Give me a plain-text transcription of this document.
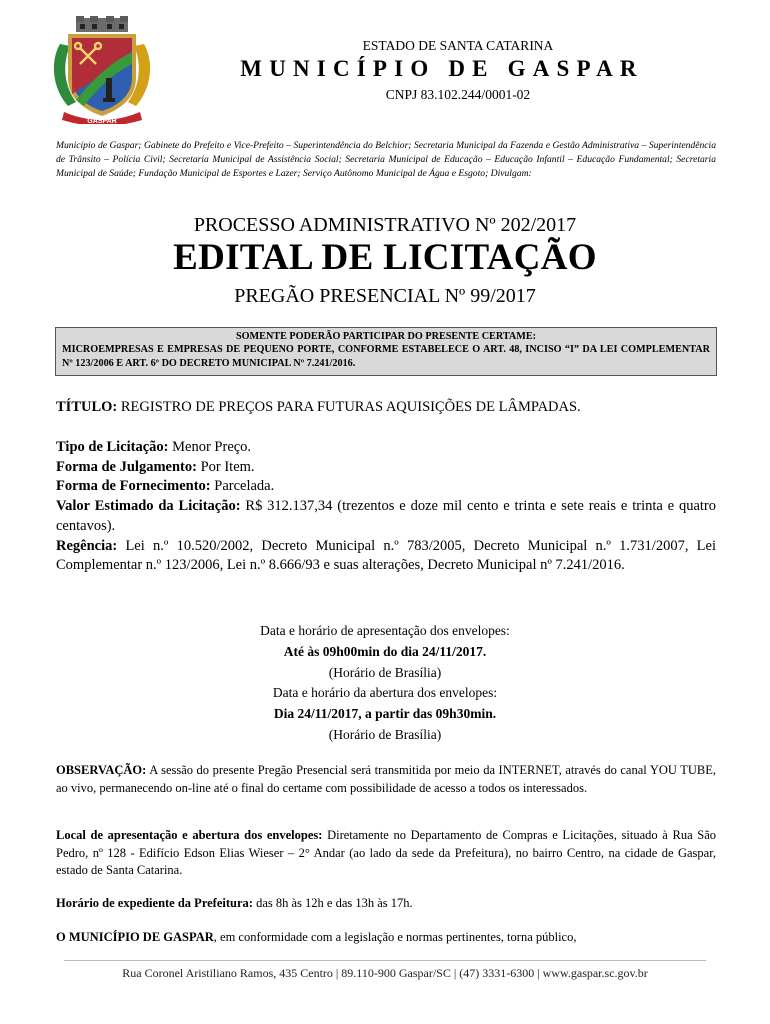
GASPAR
ESTADO DE SANTA CATARINA
MUNICÍPIO DE GASPAR
CNPJ 83.102.244/0001-02
Município de Gaspar; Gabinete do Prefeito e Vice-Prefeito – Superintendência do Belchior; Secretaria Municipal da Fazenda e Gestão Administrativa – Superintendência de Trânsito – Polícia Civil; Secretaria Municipal de Assistência Social; Secretaria Municipal de Educação – Educação Infantil – Educação Fundamental; Secretaria Municipal de Saúde; Fundação Municipal de Esportes e Lazer; Serviço Autônomo Municipal de Água e Esgoto; Divulgam:
PROCESSO ADMINISTRATIVO Nº 202/2017
EDITAL DE LICITAÇÃO
PREGÃO PRESENCIAL Nº 99/2017
SOMENTE PODERÃO PARTICIPAR DO PRESENTE CERTAME:
MICROEMPRESAS E EMPRESAS DE PEQUENO PORTE, CONFORME ESTABELECE O ART. 48, INCISO “I” DA LEI COMPLEMENTAR Nº 123/2006 E ART. 6º DO DECRETO MUNICIPAL Nº 7.241/2016.
TÍTULO: REGISTRO DE PREÇOS PARA FUTURAS AQUISIÇÕES DE LÂMPADAS.
Tipo de Licitação: Menor Preço.
Forma de Julgamento: Por Item.
Forma de Fornecimento: Parcelada.
Valor Estimado da Licitação: R$ 312.137,34 (trezentos e doze mil cento e trinta e sete reais e trinta e quatro centavos).
Regência: Lei n.º 10.520/2002, Decreto Municipal n.º 783/2005, Decreto Municipal n.º 1.731/2007, Lei Complementar n.º 123/2006, Lei n.º 8.666/93 e suas alterações, Decreto Municipal nº 7.241/2016.
Data e horário de apresentação dos envelopes:
Até às 09h00min do dia 24/11/2017.
(Horário de Brasília)
Data e horário da abertura dos envelopes:
Dia 24/11/2017, a partir das 09h30min.
(Horário de Brasília)
OBSERVAÇÃO: A sessão do presente Pregão Presencial será transmitida por meio da INTERNET, através do canal YOU TUBE, ao vivo, permanecendo on-line até o final do certame com possibilidade de acesso a todos os interessados.
Local de apresentação e abertura dos envelopes: Diretamente no Departamento de Compras e Licitações, situado à Rua São Pedro, nº 128 - Edifício Edson Elias Wieser – 2° Andar (ao lado da sede da Prefeitura), no bairro Centro, na cidade de Gaspar, estado de Santa Catarina.
Horário de expediente da Prefeitura: das 8h às 12h e das 13h às 17h.
O MUNICÍPIO DE GASPAR, em conformidade com a legislação e normas pertinentes, torna público,
Rua Coronel Aristiliano Ramos, 435 Centro | 89.110-900 Gaspar/SC | (47) 3331-6300 | www.gaspar.sc.gov.br
